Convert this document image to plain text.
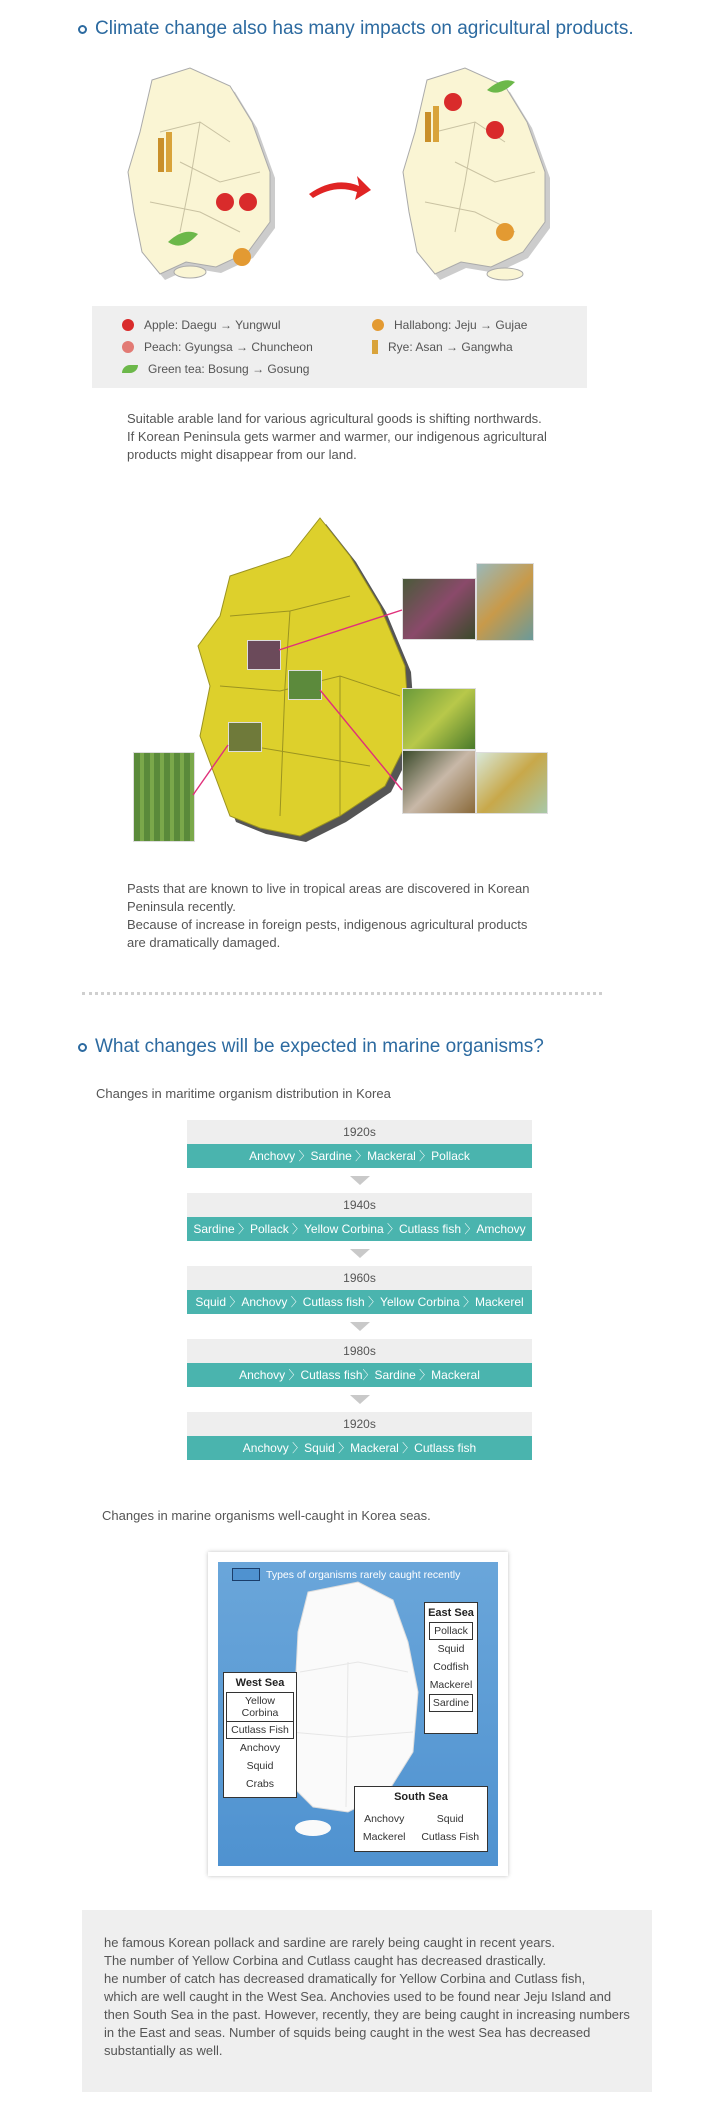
Climate change also has many impacts on agricultural products.
Apple: Daegu → Yungwul
Peach: Gyungsa → Chuncheon
Green tea: Bosung → Gosung
Hallabong: Jeju → Gujae
Rye: Asan → Gangwha
Suitable arable land for various agricultural goods is shifting northwards.
If Korean Peninsula gets warmer and warmer, our indigenous agricultural
products might disappear from our land.
Pasts that are known to live in tropical areas are discovered in Korean
Peninsula recently.
Because of increase in foreign pests, indigenous agricultural products
are dramatically damaged.
What changes will be expected in marine organisms?
Changes in maritime organism distribution in Korea
1920s
Anchovy 〉Sardine 〉Mackeral 〉Pollack
1940s
Sardine 〉Pollack 〉Yellow Corbina 〉Cutlass fish 〉Amchovy
1960s
Squid 〉Anchovy 〉Cutlass fish 〉Yellow Corbina 〉Mackerel
1980s
Anchovy 〉Cutlass fish〉Sardine 〉Mackeral
1920s
Anchovy 〉Squid 〉Mackeral 〉Cutlass fish
Changes in marine organisms well-caught in Korea seas.
Types of organisms rarely caught recently
East Sea
Pollack
Squid
Codfish
Mackerel
Sardine
West Sea
Yellow Corbina
Cutlass Fish
Anchovy
Squid
Crabs
South Sea
Anchovy
Mackerel
Squid
Cutlass Fish
he famous Korean pollack and sardine are rarely being caught in recent years.
The number of Yellow Corbina and Cutlass caught has decreased drastically.
he number of catch has decreased dramatically for Yellow Corbina and Cutlass fish,
which are well caught in the West Sea. Anchovies used to be found near Jeju Island and
then South Sea in the past. However, recently, they are being caught in increasing numbers
in the East and seas. Number of squids being caught in the west Sea has decreased
substantially as well.
